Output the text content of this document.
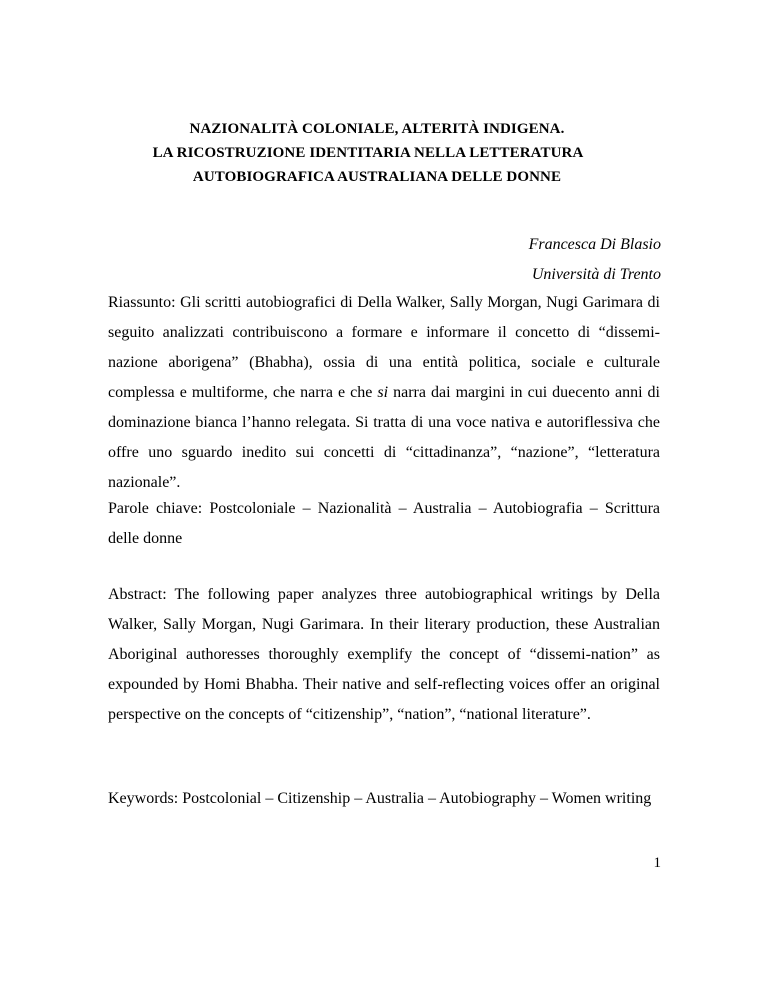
NAZIONALITÀ COLONIALE, ALTERITÀ INDIGENA.
LA RICOSTRUZIONE IDENTITARIA NELLA LETTERATURA
AUTOBIOGRAFICA AUSTRALIANA DELLE DONNE
Francesca Di Blasio
Università di Trento
Riassunto: Gli scritti autobiografici di Della Walker, Sally Morgan, Nugi Garimara di seguito analizzati contribuiscono a formare e informare il concetto di “dissemi-nazione aborigena” (Bhabha), ossia di una entità politica, sociale e culturale complessa e multiforme, che narra e che si narra dai margini in cui duecento anni di dominazione bianca l’hanno relegata. Si tratta di una voce nativa e autoriflessiva che offre uno sguardo inedito sui concetti di “cittadinanza”, “nazione”, “letteratura nazionale”.
Parole chiave: Postcoloniale – Nazionalità – Australia – Autobiografia – Scrittura delle donne
Abstract: The following paper analyzes three autobiographical writings by Della Walker, Sally Morgan, Nugi Garimara. In their literary production, these Australian Aboriginal authoresses thoroughly exemplify the concept of “dissemi-nation” as expounded by Homi Bhabha. Their native and self-reflecting voices offer an original perspective on the concepts of “citizenship”, “nation”, “national literature”.
Keywords: Postcolonial – Citizenship – Australia – Autobiography – Women writing
1
